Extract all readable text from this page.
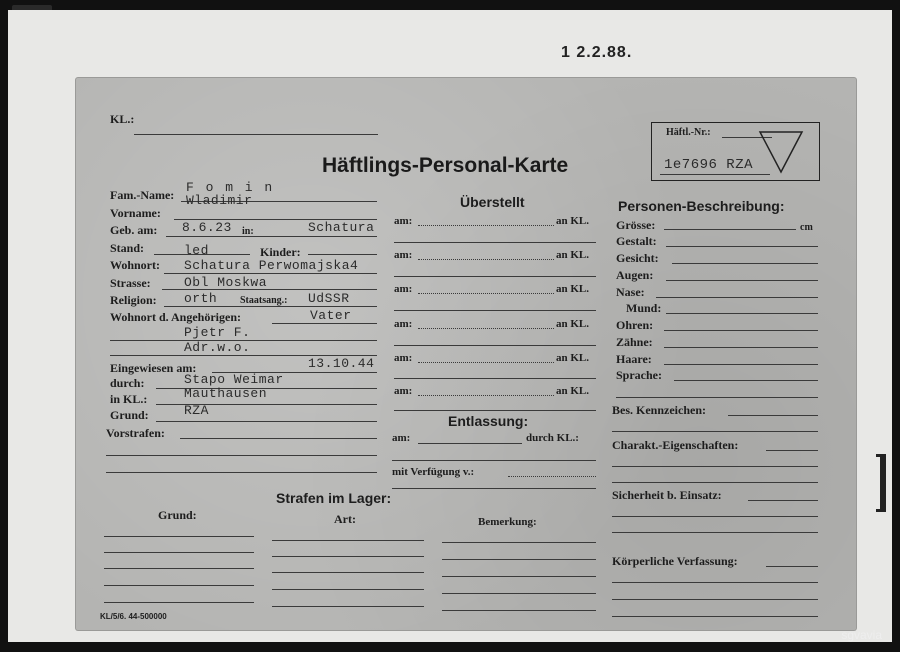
1 2.2.88.
KL.:
Häftlings-Personal-Karte
Häftl.-Nr.:
1e7696 RZA
Fam.-Name: F o m i n
Vorname:
Wladimir
Geb. am: 8.6.23 in:	Schatura
Stand:	led	Kinder:
Wohnort: Schatura Perwomajska4
Strasse:	Obl Moskwa
Religion: orth Staatsang.: UdSSR
Wohnort d. Angehörigen:	Vater
Pjetr F.
Adr.w.o.
Eingewiesen am:	13.10.44
durch:	Stapo Weimar
in KL.:	Mauthausen
Grund:	RZA
Vorstrafen:
Überstellt
am:	an KL.
am:	an KL.
am:	an KL.
am:	an KL.
am:	an KL.
am:	an KL.
Entlassung:
am:	durch KL.:
mit Verfügung v.:
Personen-Beschreibung:
Grösse:	cm
Gestalt:
Gesicht:
Augen:
Nase:
Mund:
Ohren:
Zähne:
Haare:
Sprache:
Bes. Kennzeichen:
Charakt.-Eigenschaften:
Sicherheit b. Einsatz:
Körperliche Verfassung:
Strafen im Lager:
Grund:	Art:	Bemerkung:
KL/5/6. 44-500000
sgvavia
